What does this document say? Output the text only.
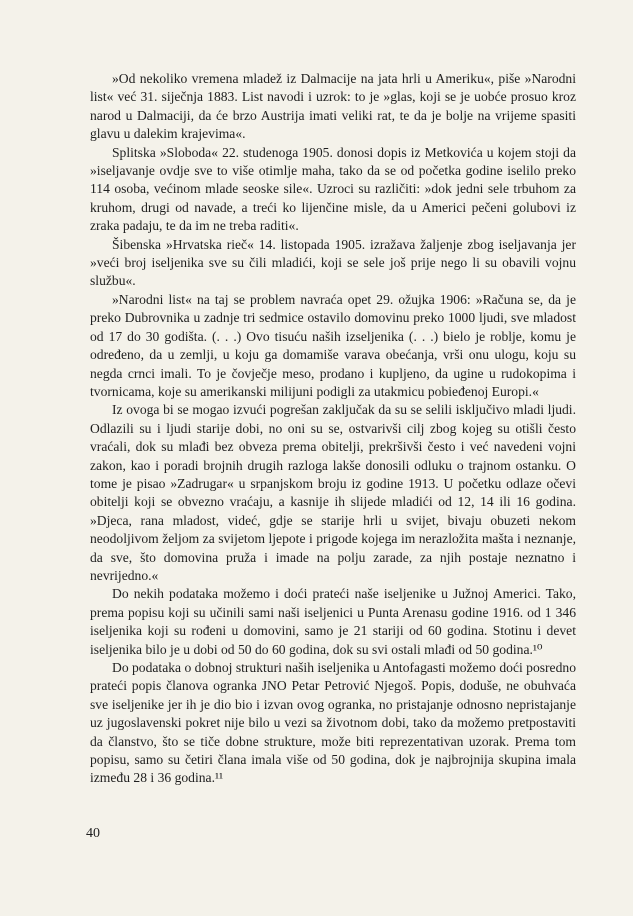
»Od nekoliko vremena mladež iz Dalmacije na jata hrli u Ameriku«, piše »Narodni list« već 31. siječnja 1883. List navodi i uzrok: to je »glas, koji se je uobće prosuo kroz narod u Dalmaciji, da će brzo Austrija imati veliki rat, te da je bolje na vrijeme spasiti glavu u dalekim krajevima«.

Splitska »Sloboda« 22. studenoga 1905. donosi dopis iz Metkovića u kojem stoji da »iseljavanje ovdje sve to više otimlje maha, tako da se od početka godine iselilo preko 114 osoba, većinom mlade seoske sile«. Uzroci su različiti: »dok jedni sele trbuhom za kruhom, drugi od navade, a treći ko lijenčine misle, da u Americi pečeni golubovi iz zraka padaju, te da im ne treba raditi«.

Šibenska »Hrvatska rieč« 14. listopada 1905. izražava žaljenje zbog iseljavanja jer »veći broj iseljenika sve su čili mladići, koji se sele još prije nego li su obavili vojnu službu«.

»Narodni list« na taj se problem navraća opet 29. ožujka 1906: »Računa se, da je preko Dubrovnika u zadnje tri sedmice ostavilo domovinu preko 1000 ljudi, sve mladost od 17 do 30 godišta. (. . .) Ovo tisuću naših izseljenika (. . .) bielo je roblje, komu je određeno, da u zemlji, u koju ga domamiše varava obećanja, vrši onu ulogu, koju su negda crnci imali. To je čovječje meso, prodano i kupljeno, da ugine u rudokopima i tvornicama, koje su amerikanski milijuni podigli za utakmicu pobieđenoj Europi.«

Iz ovoga bi se mogao izvući pogrešan zaključak da su se selili isključivo mladi ljudi. Odlazili su i ljudi starije dobi, no oni su se, ostvarivši cilj zbog kojeg su otišli često vraćali, dok su mlađi bez obveza prema obitelji, prekršivši često i već navedeni vojni zakon, kao i poradi brojnih drugih razloga lakše donosili odluku o trajnom ostanku. O tome je pisao »Zadrugar« u srpanjskom broju iz godine 1913. U početku odlaze očevi obitelji koji se obvezno vraćaju, a kasnije ih slijede mladići od 12, 14 ili 16 godina. »Djeca, rana mladost, videć, gdje se starije hrli u svijet, bivaju obuzeti nekom neodoljivom željom za svijetom ljepote i prigode kojega im nerazložita mašta i neznanje, da sve, što domovina pruža i imade na polju zarade, za njih postaje neznatno i nevrijedno.«

Do nekih podataka možemo i doći prateći naše iseljenike u Južnoj Americi. Tako, prema popisu koji su učinili sami naši iseljenici u Punta Arenasu godine 1916. od 1 346 iseljenika koji su rođeni u domovini, samo je 21 stariji od 60 godina. Stotinu i devet iseljenika bilo je u dobi od 50 do 60 godina, dok su svi ostali mlađi od 50 godina.¹⁰

Do podataka o dobnoj strukturi naših iseljenika u Antofagasti možemo doći posredno prateći popis članova ogranka JNO Petar Petrović Njegoš. Popis, doduše, ne obuhvaća sve iseljenike jer ih je dio bio i izvan ovog ogranka, no pristajanje odnosno nepristajanje uz jugoslavenski pokret nije bilo u vezi sa životnom dobi, tako da možemo pretpostaviti da članstvo, što se tiče dobne strukture, može biti reprezentativan uzorak. Prema tom popisu, samo su četiri člana imala više od 50 godina, dok je najbrojnija skupina imala između 28 i 36 godina.¹¹

40
